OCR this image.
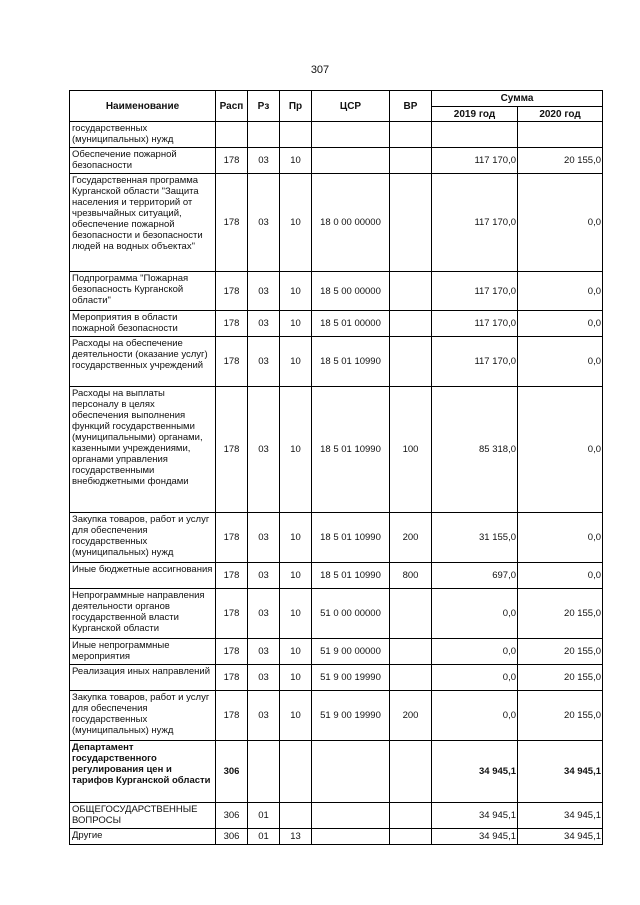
307
Наименование	Расп	Рз	Пр	ЦСР	ВР	Сумма	
						2019 год	2020 год
государственных (муниципальных) нужд							
Обеспечение пожарной безопасности	178	03	10			117 170,0	20 155,0
Государственная программа Курганской области "Защита населения и территорий от чрезвычайных ситуаций, обеспечение пожарной безопасности и безопасности людей на водных объектах"	178	03	10	18 0 00 00000		117 170,0	0,0
Подпрограмма "Пожарная безопасность Курганской области"	178	03	10	18 5 00 00000		117 170,0	0,0
Мероприятия в области пожарной безопасности	178	03	10	18 5 01 00000		117 170,0	0,0
Расходы на обеспечение деятельности (оказание услуг) государственных учреждений	178	03	10	18 5 01 10990		117 170,0	0,0
Расходы на выплаты персоналу в целях обеспечения выполнения функций государственными (муниципальными) органами, казенными учреждениями, органами управления государственными внебюджетными фондами	178	03	10	18 5 01 10990	100	85 318,0	0,0
Закупка товаров, работ и услуг для обеспечения государственных (муниципальных) нужд	178	03	10	18 5 01 10990	200	31 155,0	0,0
Иные бюджетные ассигнования	178	03	10	18 5 01 10990	800	697,0	0,0
Непрограммные направления деятельности органов государственной власти Курганской области	178	03	10	51 0 00 00000		0,0	20 155,0
Иные непрограммные мероприятия	178	03	10	51 9 00 00000		0,0	20 155,0
Реализация иных направлений	178	03	10	51 9 00 19990		0,0	20 155,0
Закупка товаров, работ и услуг для обеспечения государственных (муниципальных) нужд	178	03	10	51 9 00 19990	200	0,0	20 155,0
Департамент государственного регулирования цен и тарифов Курганской области	306					34 945,1	34 945,1
ОБЩЕГОСУДАРСТВЕННЫЕ ВОПРОСЫ	306	01				34 945,1	34 945,1
Другие	306	01	13			34 945,1	34 945,1
